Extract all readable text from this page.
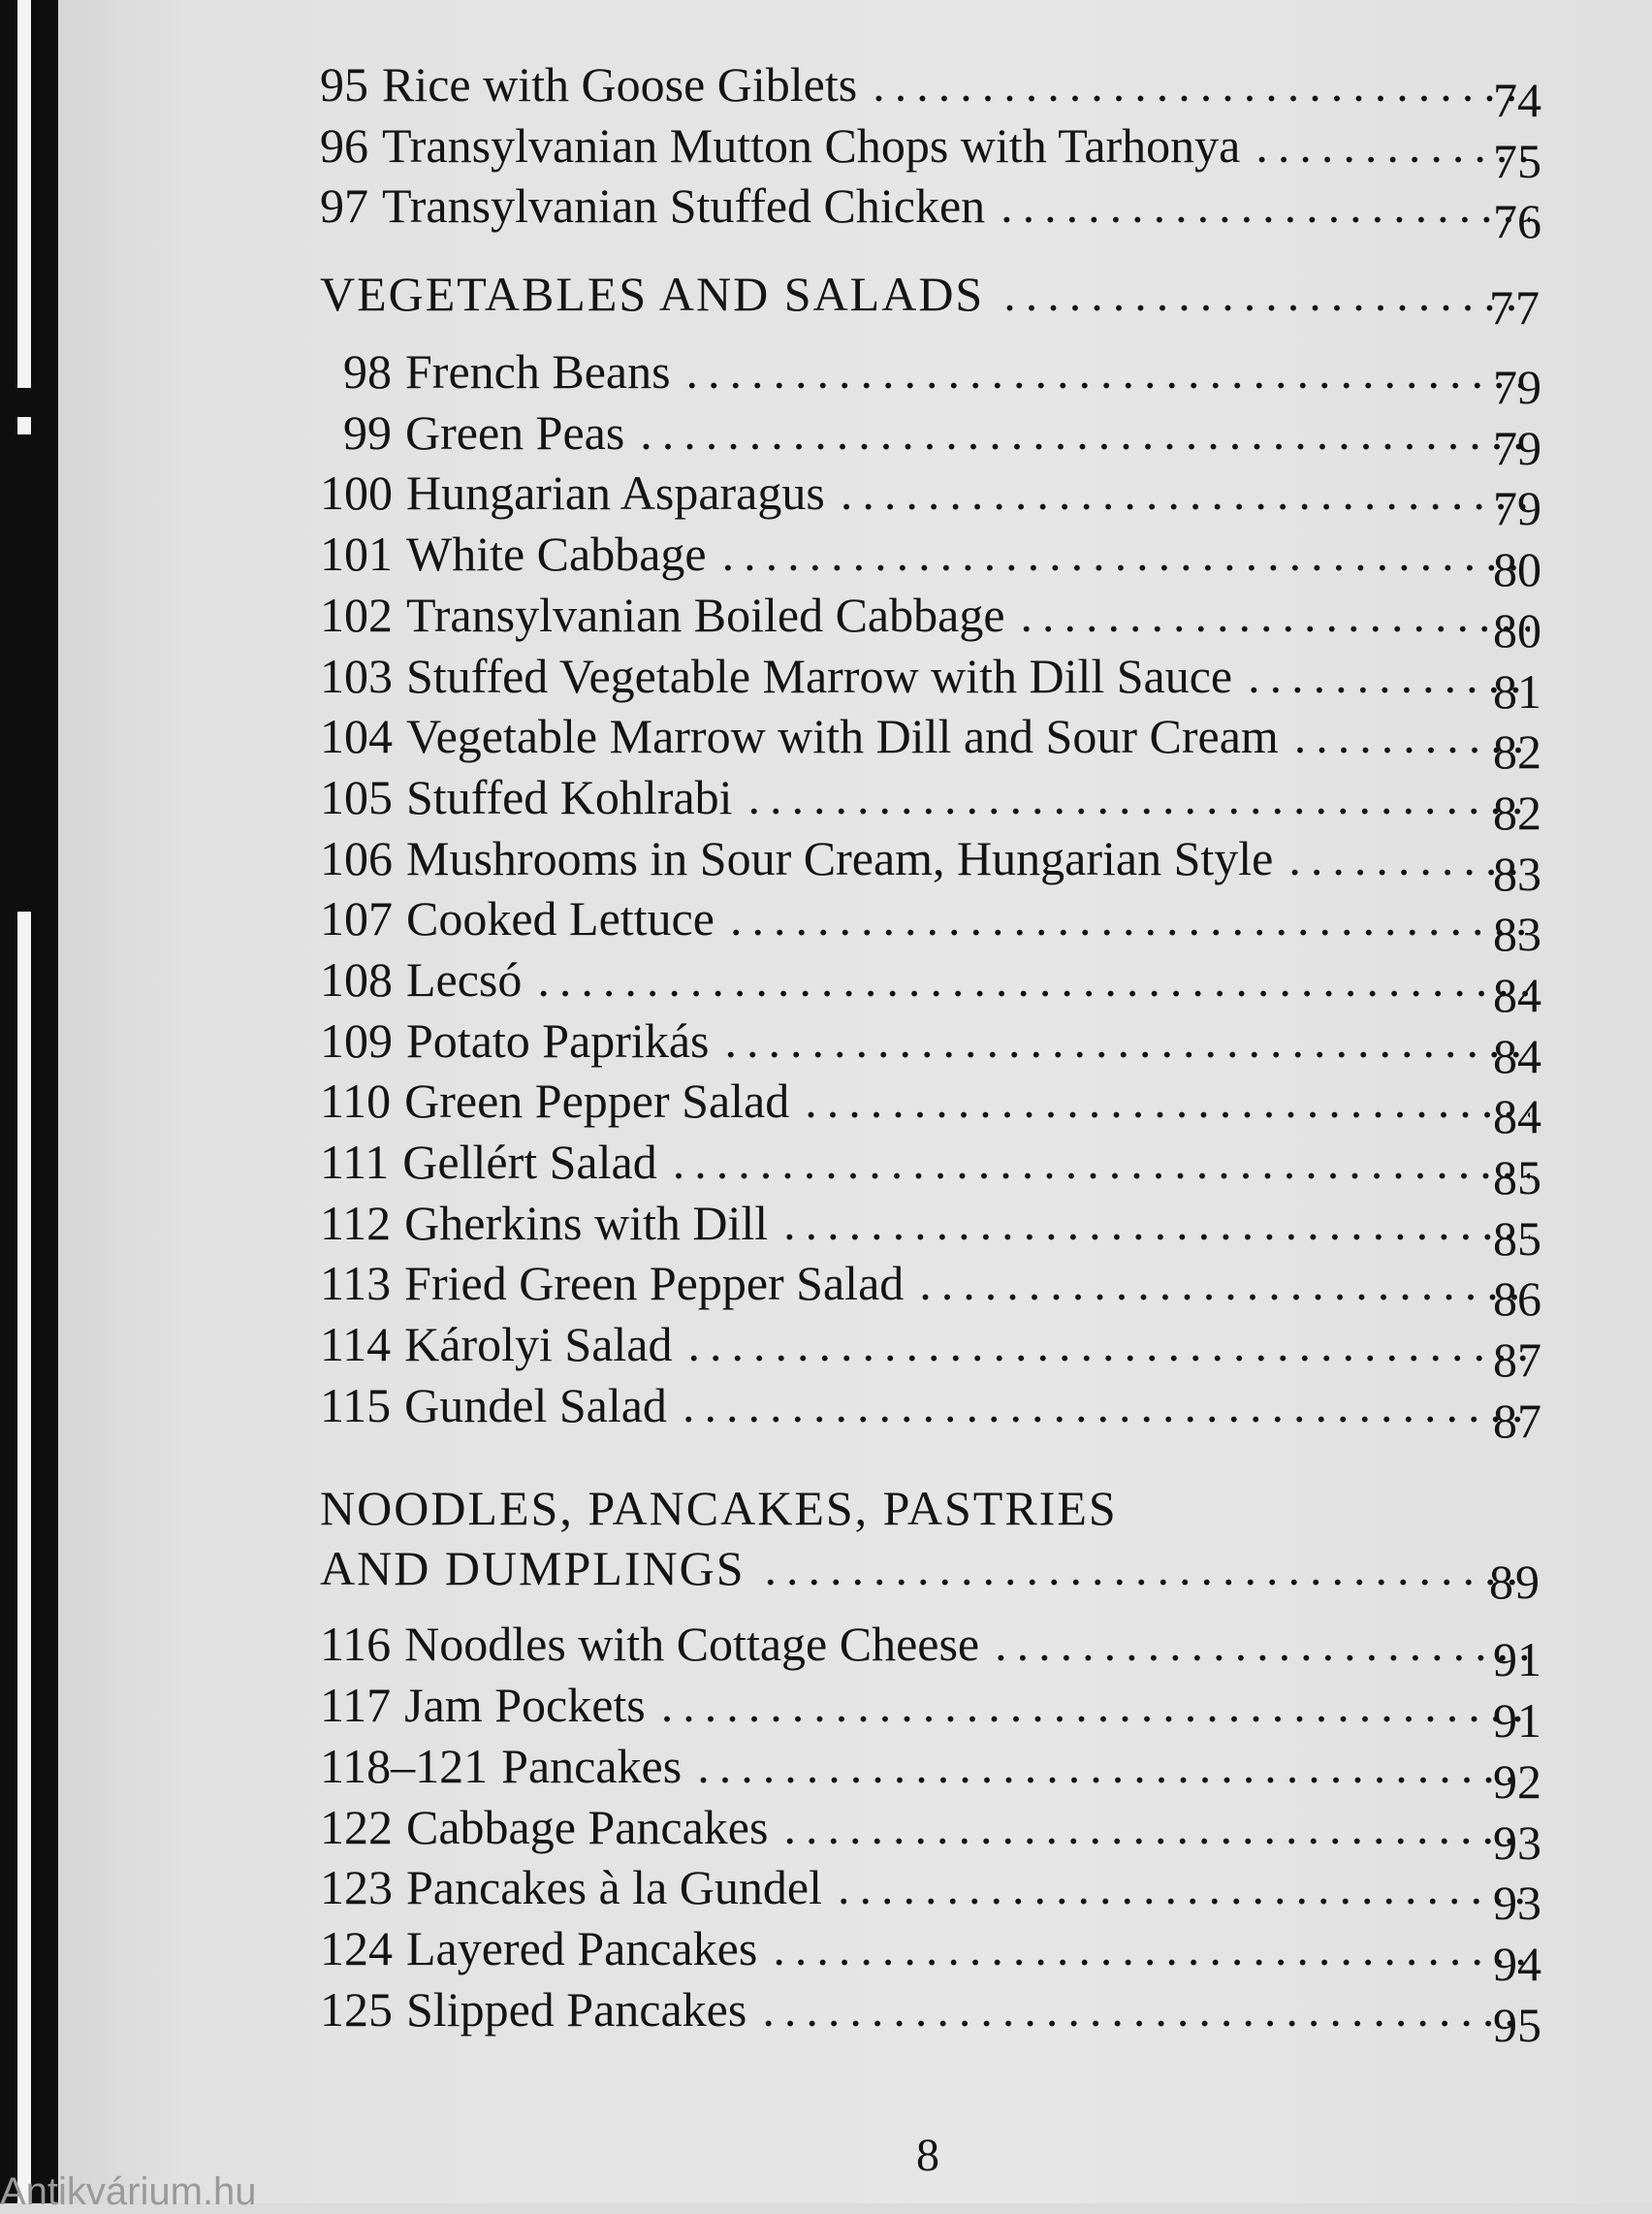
95 Rice with Goose Giblets .....	74
96 Transylvanian Mutton Chops with Tarhonya .....	75
97 Transylvanian Stuffed Chicken .....	76
VEGETABLES AND SALADS .....	77
98 French Beans .....	79
99 Green Peas .....	79
100 Hungarian Asparagus .....	79
101 White Cabbage .....	80
102 Transylvanian Boiled Cabbage .....	80
103 Stuffed Vegetable Marrow with Dill Sauce .....	81
104 Vegetable Marrow with Dill and Sour Cream .....	82
105 Stuffed Kohlrabi .....	82
106 Mushrooms in Sour Cream, Hungarian Style .....	83
107 Cooked Lettuce .....	83
108 Lecsó .....	84
109 Potato Paprikás .....	84
110 Green Pepper Salad .....	84
111 Gellért Salad .....	85
112 Gherkins with Dill .....	85
113 Fried Green Pepper Salad .....	86
114 Károlyi Salad .....	87
115 Gundel Salad .....	87
NOODLES, PANCAKES, PASTRIES
AND DUMPLINGS .....	89
116 Noodles with Cottage Cheese .....	91
117 Jam Pockets .....	91
118–121 Pancakes .....	92
122 Cabbage Pancakes .....	93
123 Pancakes à la Gundel .....	93
124 Layered Pancakes .....	94
125 Slipped Pancakes .....	95
8
Antikvárium.hu
